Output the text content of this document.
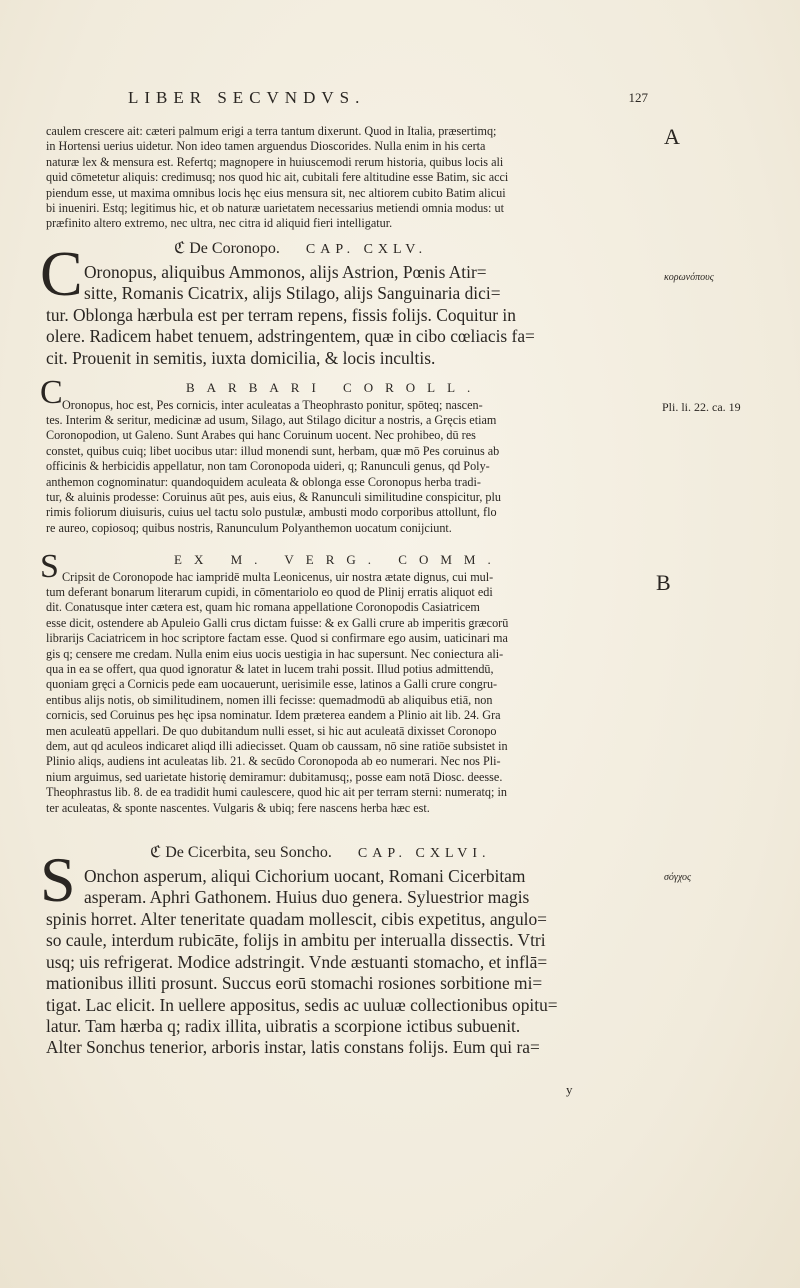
LIBER SECVNDVS.	127
caulem crescere ait: cæteri palmum erigi a terra tantum dixerunt. Quod in Italia, præsertimq;
in Hortensi uerius uidetur. Non ideo tamen arguendus Dioscorides. Nulla enim in his certa
naturæ lex & mensura est. Refertq; magnopere in huiuscemodi rerum historia, quibus locis ali
quid cōmetetur aliquis: credimusq; nos quod hic ait, cubitali fere altitudine esse Batim, sic acci
piendum esse, ut maxima omnibus locis hęc eius mensura sit, nec altiorem cubito Batim alicui
bi inueniri. Estq; legitimus hic, et ob naturæ uarietatem necessarius metiendi omnia modus: ut
præfinito altero extremo, nec ultra, nec citra id aliquid fieri intelligatur.
ℭ De Coronopo. CAP. CXLV.
C Oronopus, aliquibus Ammonos, alijs Astrion, Pœnis Atir=
sitte, Romanis Cicatrix, alijs Stilago, alijs Sanguinaria dici=
tur. Oblonga hærbula est per terram repens, fissis folijs. Coquitur in
olere. Radicem habet tenuem, adstringentem, quæ in cibo cœliacis fa=
cit. Prouenit in semitis, iuxta domicilia, & locis incultis.
C	BARBARI COROLL.
Oronopus, hoc est, Pes cornicis, inter aculeatas a Theophrasto ponitur, spōteq; nascen-
tes. Interim & seritur, medicinæ ad usum, Silago, aut Stilago dicitur a nostris, a Gręcis etiam
Coronopodion, ut Galeno. Sunt Arabes qui hanc Coruinum uocent. Nec prohibeo, dū res
constet, quibus cuiq; libet uocibus utar: illud monendi sunt, herbam, quæ mō Pes coruinus ab
officinis & herbicidis appellatur, non tam Coronopoda uideri, q; Ranunculi genus, qd Poly-
anthemon cognominatur: quandoquidem aculeata & oblonga esse Coronopus herba tradi-
tur, & aluinis prodesse: Coruinus aūt pes, auis eius, & Ranunculi similitudine conspicitur, plu
rimis foliorum diuisuris, cuius uel tactu solo pustulæ, ambusti modo corporibus attollunt, flo
re aureo, copiosoq; quibus nostris, Ranunculum Polyanthemon uocatum conijciunt.
S	EX M. VERG. COMM.
Cripsit de Coronopode hac iampridē multa Leonicenus, uir nostra ætate dignus, cui mul-
tum deferant bonarum literarum cupidi, in cōmentariolo eo quod de Plinij erratis aliquot edi
dit. Conatusque inter cætera est, quam hic romana appellatione Coronopodis Casiatricem
esse dicit, ostendere ab Apuleio Galli crus dictam fuisse: & ex Galli crure ab imperitis græcorū
librarijs Caciatricem in hoc scriptore factam esse. Quod si confirmare ego ausim, uaticinari ma
gis q; censere me credam. Nulla enim eius uocis uestigia in hac supersunt. Nec coniectura ali-
qua in ea se offert, qua quod ignoratur & latet in lucem trahi possit. Illud potius admittendū,
quoniam gręci a Cornicis pede eam uocauerunt, uerisimile esse, latinos a Galli crure congru-
entibus alijs notis, ob similitudinem, nomen illi fecisse: quemadmodū ab aliquibus etiā, non
cornicis, sed Coruinus pes hęc ipsa nominatur. Idem præterea eandem a Plinio ait lib. 24. Gra
men aculeatū appellari. De quo dubitandum nulli esset, si hic aut aculeatā dixisset Coronopo
dem, aut qd aculeos indicaret aliqd illi adiecisset. Quam ob caussam, nō sine ratiōe subsistet in
Plinio aliqs, audiens int aculeatas lib. 21. & secūdo Coronopoda ab eo numerari. Nec nos Pli-
nium arguimus, sed uarietate historię demiramur: dubitamusq;, posse eam notā Diosc. deesse.
Theophrastus lib. 8. de ea tradidit humi caulescere, quod hic ait per terram sterni: numeratq; in
ter aculeatas, & sponte nascentes. Vulgaris & ubiq; fere nascens herba hæc est.
ℭ De Cicerbita, seu Soncho. CAP. CXLVI.
S Onchon asperum, aliqui Cichorium uocant, Romani Cicerbitam
asperam. Aphri Gathonem. Huius duo genera. Syluestrior magis
spinis horret. Alter teneritate quadam mollescit, cibis expetitus, angulo=
so caule, interdum rubicāte, folijs in ambitu per interualla dissectis. Vtri
usq; uis refrigerat. Modice adstringit. Vnde æstuanti stomacho, et inflā=
mationibus illiti prosunt. Succus eorū stomachi rosiones sorbitione mi=
tigat. Lac elicit. In uellere appositus, sedis ac uuluæ collectionibus opitu=
latur. Tam hærba q; radix illita, uibratis a scorpione ictibus subuenit.
Alter Sonchus tenerior, arboris instar, latis constans folijs. Eum qui ra=
A
κορωνόπους
Pli. li. 22. ca. 19
B
σόγχος
y
